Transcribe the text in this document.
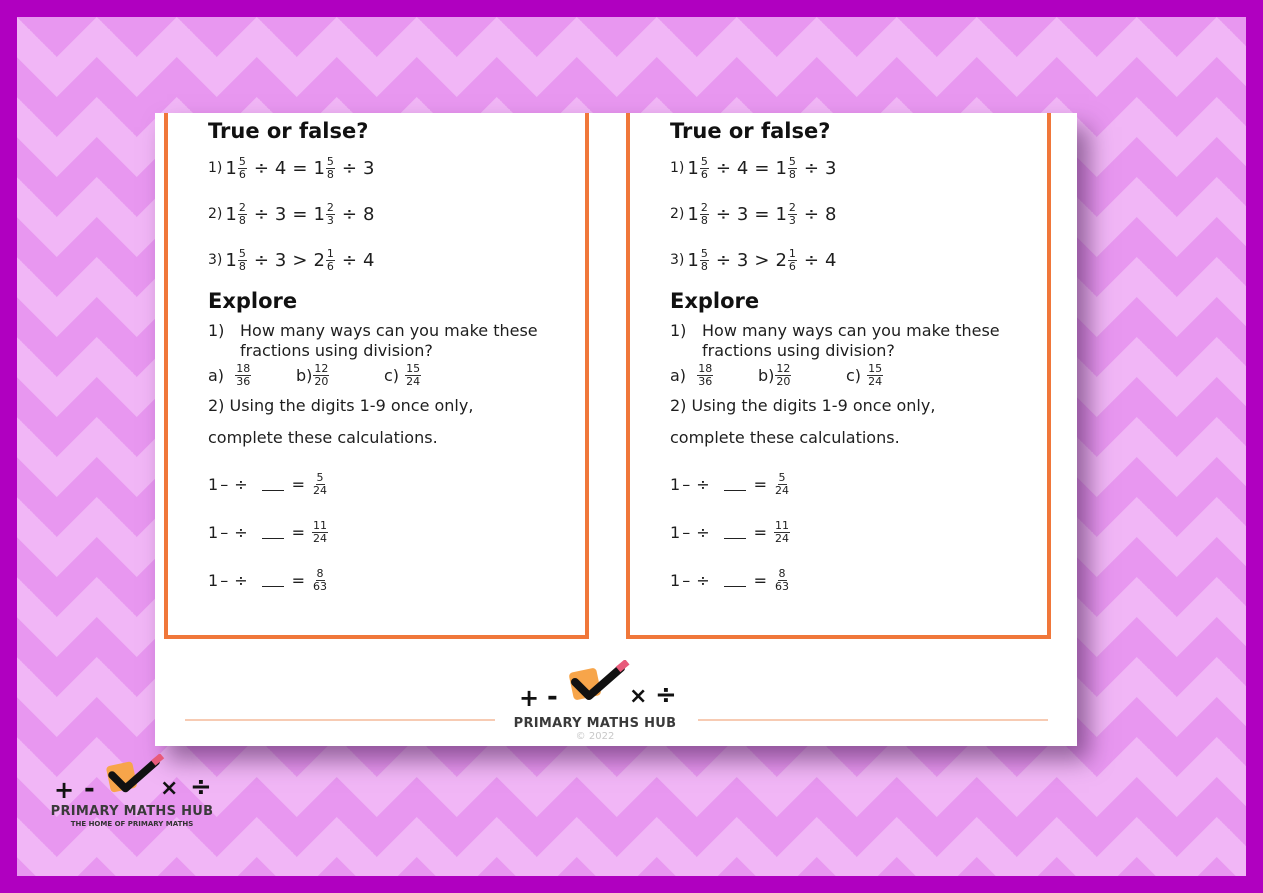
True or false?

1) $1 \frac{5}{6} \div 4 = 1 \frac{5}{8} \div 3$
2) $1 \frac{2}{8} \div 3 = 1 \frac{2}{3} \div 8$
3) $1 \frac{5}{8} \div 3 > 2 \frac{1}{6} \div 4$

Explore

1) How many ways can you make these fractions using division?
a)
$\frac{18}{36}$	$b) \frac{12}{20}$	c)
$\frac{15}{24}$
2) Using the digits 1-9 once only,
complete these calculations.
1 – ÷	= $\frac{5}{24}$
1 – ÷	= $\frac{11}{24}$
1 – ÷	= $\frac{8}{63}$

True or false?

1) $1 \frac{5}{6} \div 4 = 1 \frac{5}{8} \div 3$
2) $1 \frac{2}{8} \div 3 = 1 \frac{2}{3} \div 8$
3) $1 \frac{5}{8} \div 3 > 2 \frac{1}{6} \div 4$

Explore

1) How many ways can you make these fractions using division?
a)
$\frac{18}{36}$	$b) \frac{12}{20}$	c)
$\frac{15}{24}$
2) Using the digits 1-9 once only,
complete these calculations.
1 – ÷	= $\frac{5}{24}$
1 – ÷	= $\frac{11}{24}$
1 – ÷	= $\frac{8}{63}$
+ -	× ÷
PRIMARY MATHS HUB
© 2022
+ -	× ÷
PRIMARY MATHS HUB
THE HOME OF PRIMARY MATHS
